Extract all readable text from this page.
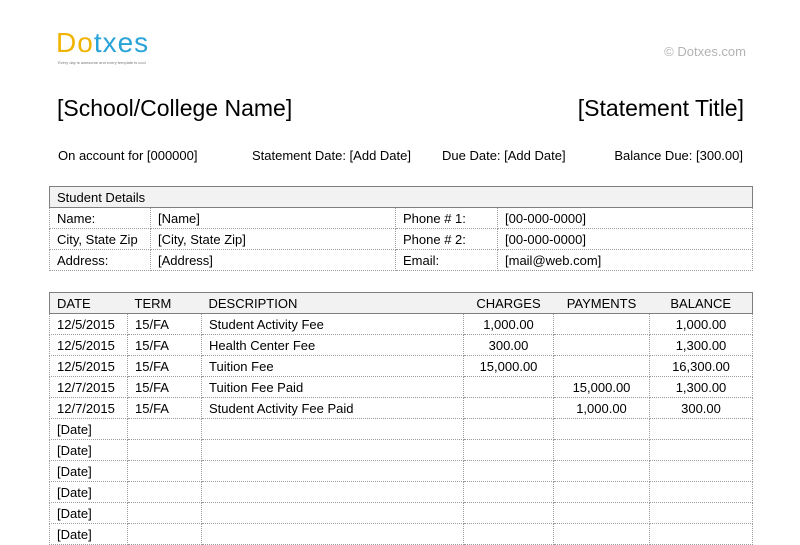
Dotxes
Every day is awesome and every template is cool
© Dotxes.com
[School/College Name]	[Statement Title]
On account for [000000]	Statement Date: [Add Date] Due Date: [Add Date]	Balance Due: [300.00]
Student Details			
Name:	[Name]	Phone # 1:	[00-000-0000]
City, State Zip	[City, State Zip]	Phone # 2:	[00-000-0000]
Address:	[Address]	Email:	[mail@web.com]
DATE	TERM	DESCRIPTION	CHARGES	PAYMENTS	BALANCE
12/5/2015	15/FA	Student Activity Fee	1,000.00		1,000.00
12/5/2015	15/FA	Health Center Fee	300.00		1,300.00
12/5/2015	15/FA	Tuition Fee	15,000.00		16,300.00
12/7/2015	15/FA	Tuition Fee Paid		15,000.00	1,300.00
12/7/2015	15/FA	Student Activity Fee Paid		1,000.00	300.00
[Date]					
[Date]					
[Date]					
[Date]					
[Date]					
[Date]					
